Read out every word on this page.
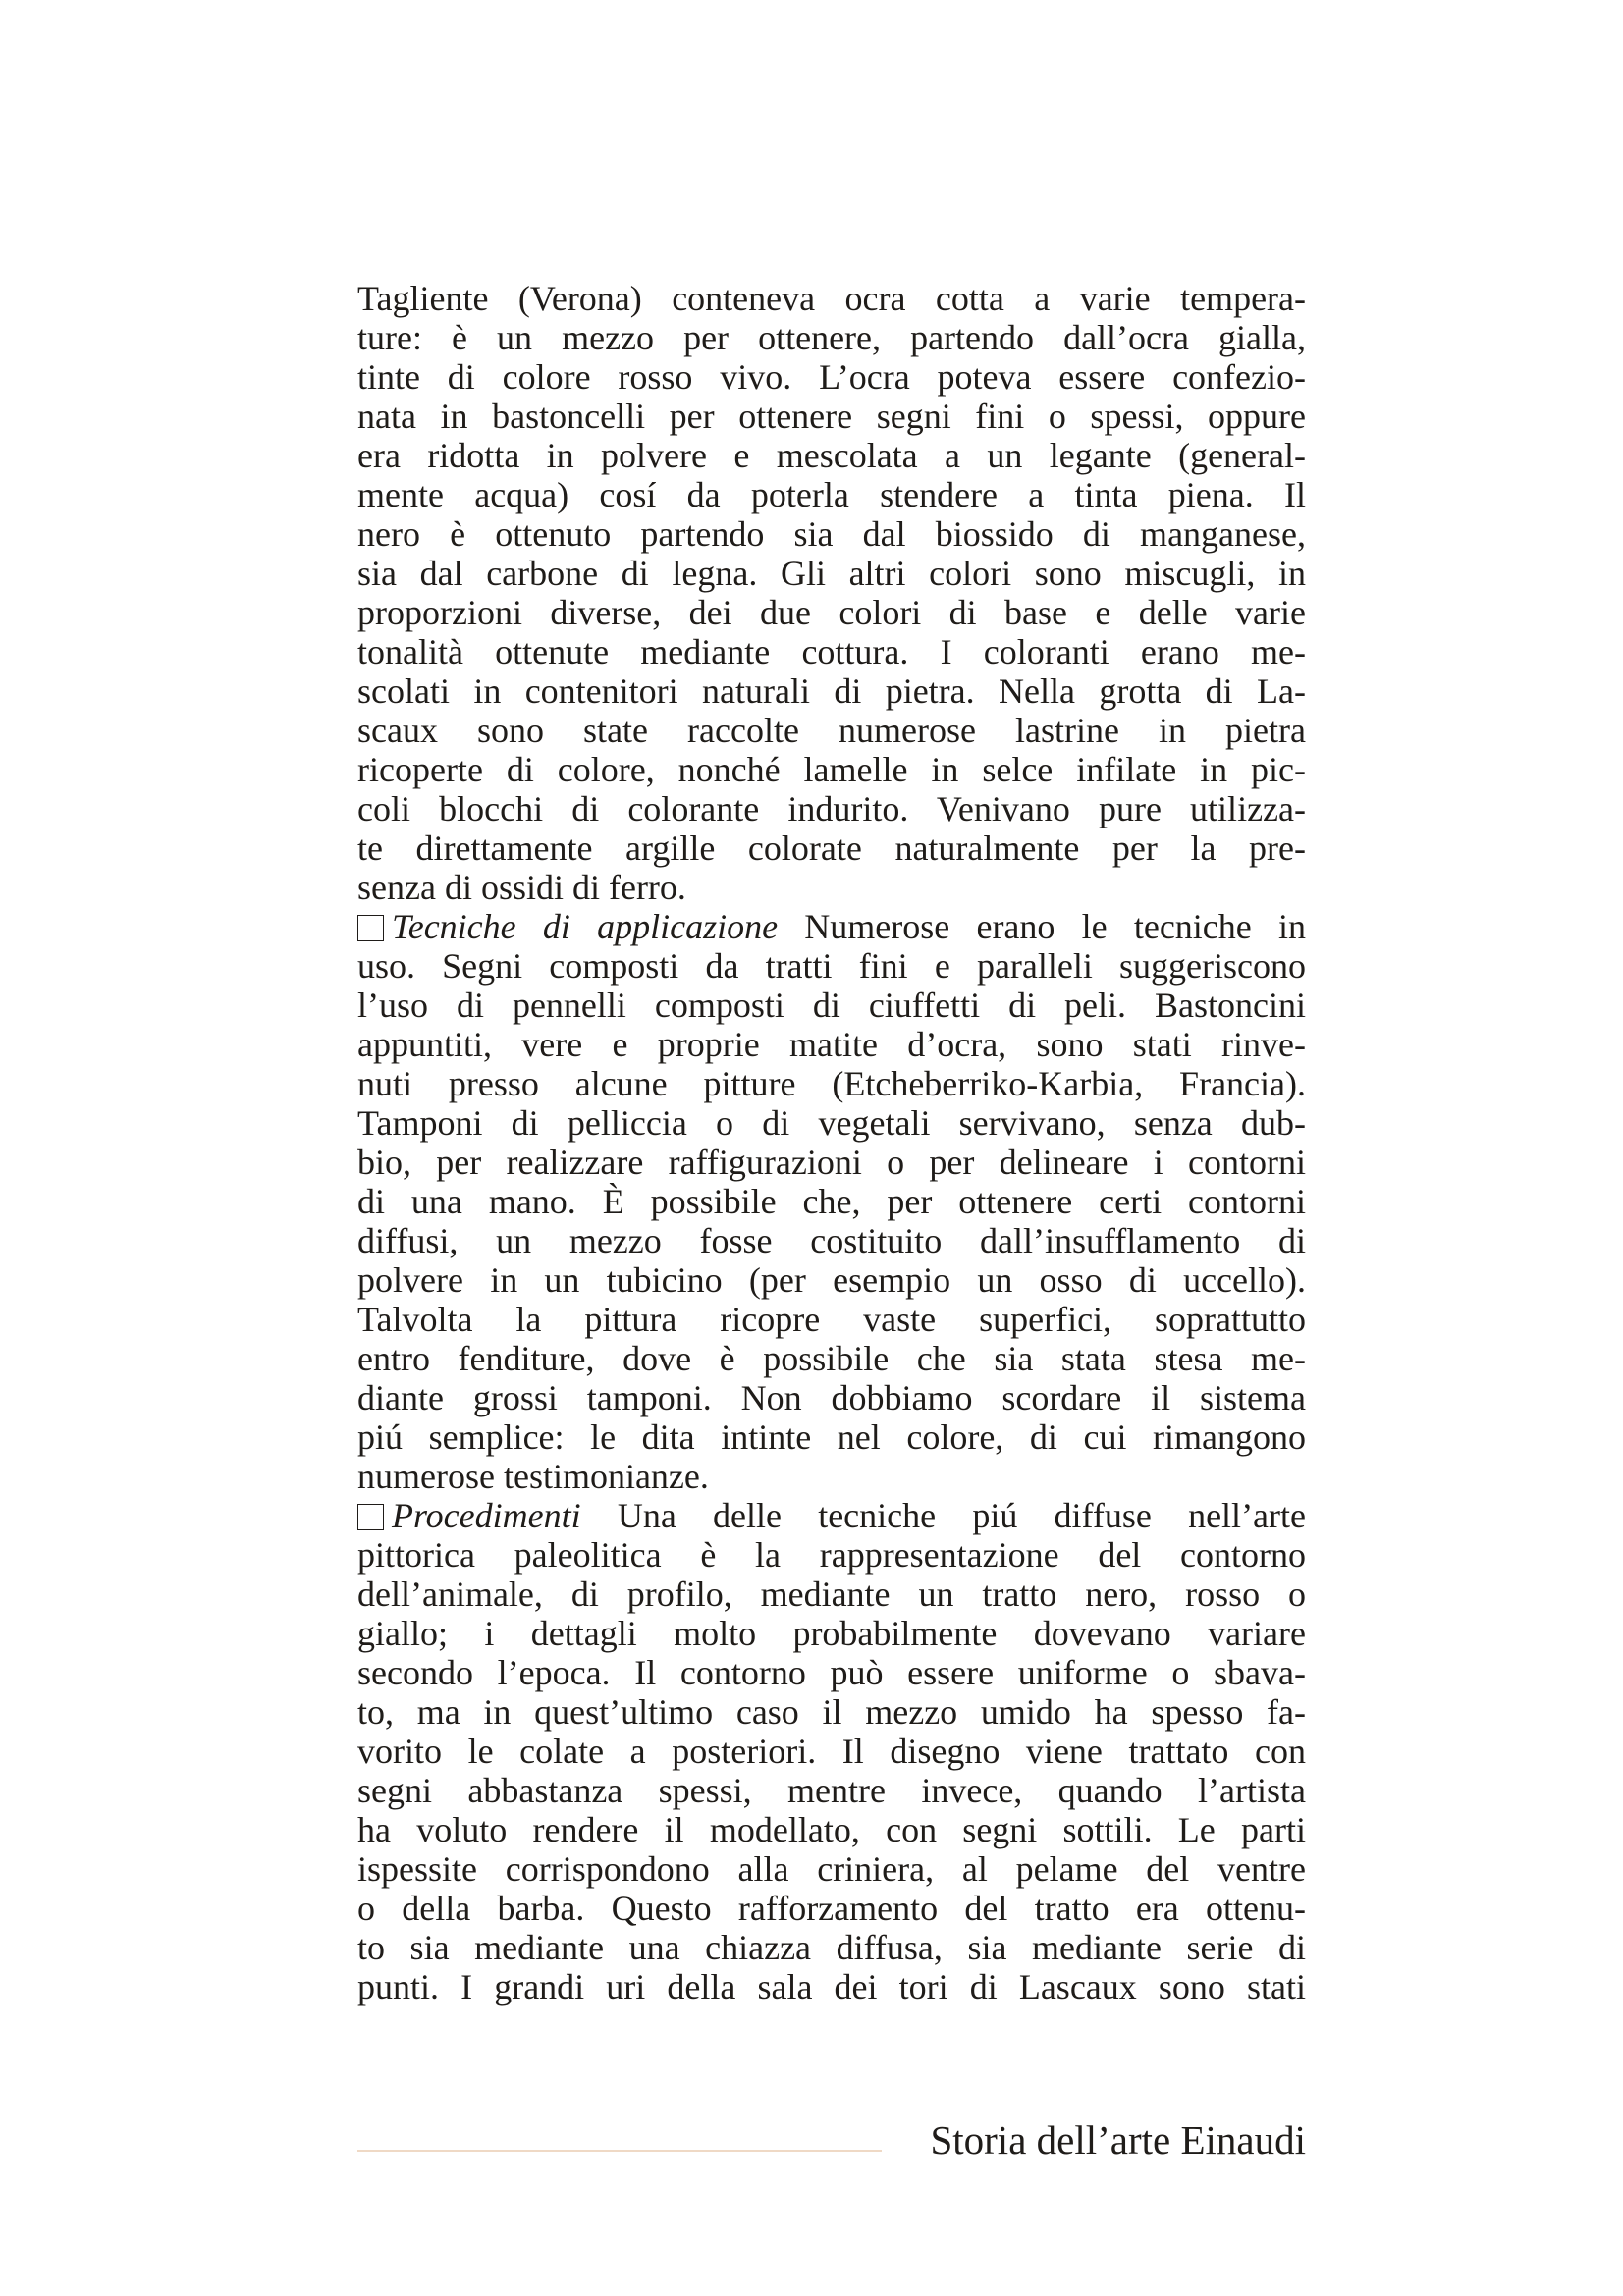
Tagliente (Verona) conteneva ocra cotta a varie tempera-
ture: è un mezzo per ottenere, partendo dall’ocra gialla,
tinte di colore rosso vivo. L’ocra poteva essere confezio-
nata in bastoncelli per ottenere segni fini o spessi, oppure
era ridotta in polvere e mescolata a un legante (general-
mente acqua) cosí da poterla stendere a tinta piena. Il
nero è ottenuto partendo sia dal biossido di manganese,
sia dal carbone di legna. Gli altri colori sono miscugli, in
proporzioni diverse, dei due colori di base e delle varie
tonalità ottenute mediante cottura. I coloranti erano me-
scolati in contenitori naturali di pietra. Nella grotta di La-
scaux sono state raccolte numerose lastrine in pietra
ricoperte di colore, nonché lamelle in selce infilate in pic-
coli blocchi di colorante indurito. Venivano pure utilizza-
te direttamente argille colorate naturalmente per la pre-
senza di ossidi di ferro.
Tecniche di applicazione Numerose erano le tecniche in
uso. Segni composti da tratti fini e paralleli suggeriscono
l’uso di pennelli composti di ciuffetti di peli. Bastoncini
appuntiti, vere e proprie matite d’ocra, sono stati rinve-
nuti presso alcune pitture (Etcheberriko-Karbia, Francia).
Tamponi di pelliccia o di vegetali servivano, senza dub-
bio, per realizzare raffigurazioni o per delineare i contorni
di una mano. È possibile che, per ottenere certi contorni
diffusi, un mezzo fosse costituito dall’insufflamento di
polvere in un tubicino (per esempio un osso di uccello).
Talvolta la pittura ricopre vaste superfici, soprattutto
entro fenditure, dove è possibile che sia stata stesa me-
diante grossi tamponi. Non dobbiamo scordare il sistema
piú semplice: le dita intinte nel colore, di cui rimangono
numerose testimonianze.
Procedimenti Una delle tecniche piú diffuse nell’arte
pittorica paleolitica è la rappresentazione del contorno
dell’animale, di profilo, mediante un tratto nero, rosso o
giallo; i dettagli molto probabilmente dovevano variare
secondo l’epoca. Il contorno può essere uniforme o sbava-
to, ma in quest’ultimo caso il mezzo umido ha spesso fa-
vorito le colate a posteriori. Il disegno viene trattato con
segni abbastanza spessi, mentre invece, quando l’artista
ha voluto rendere il modellato, con segni sottili. Le parti
ispessite corrispondono alla criniera, al pelame del ventre
o della barba. Questo rafforzamento del tratto era ottenu-
to sia mediante una chiazza diffusa, sia mediante serie di
punti. I grandi uri della sala dei tori di Lascaux sono stati
Storia dell’arte Einaudi
